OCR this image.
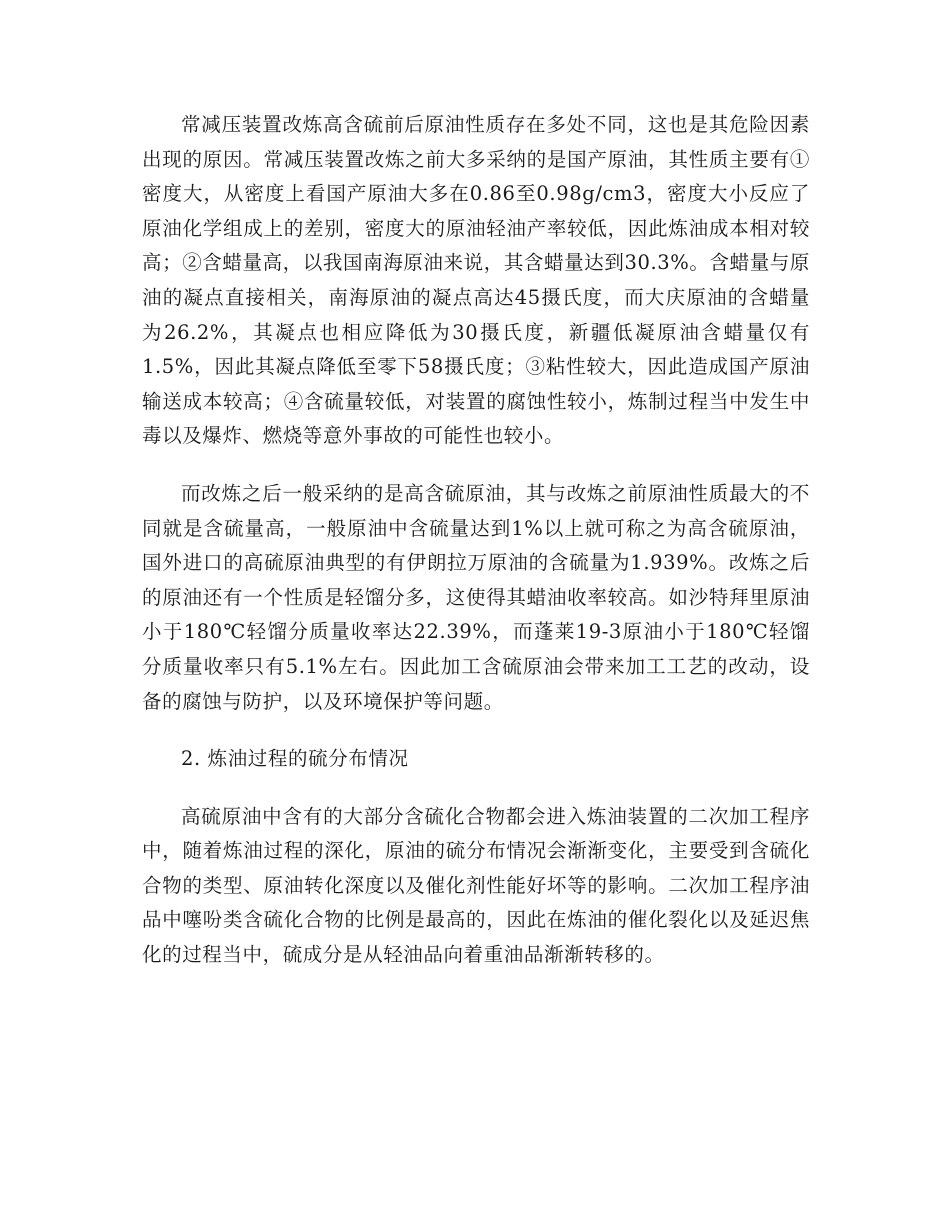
常减压装置改炼高含硫前后原油性质存在多处不同，这也是其危险因素出现的原因。常减压装置改炼之前大多采纳的是国产原油，其性质主要有①密度大，从密度上看国产原油大多在0.86至0.98g/cm3，密度大小反应了原油化学组成上的差别，密度大的原油轻油产率较低，因此炼油成本相对较高；②含蜡量高，以我国南海原油来说，其含蜡量达到30.3%。含蜡量与原油的凝点直接相关，南海原油的凝点高达45摄氏度，而大庆原油的含蜡量为26.2%，其凝点也相应降低为30摄氏度，新疆低凝原油含蜡量仅有1.5%，因此其凝点降低至零下58摄氏度；③粘性较大，因此造成国产原油输送成本较高；④含硫量较低，对装置的腐蚀性较小，炼制过程当中发生中毒以及爆炸、燃烧等意外事故的可能性也较小。

而改炼之后一般采纳的是高含硫原油，其与改炼之前原油性质最大的不同就是含硫量高，一般原油中含硫量达到1%以上就可称之为高含硫原油，国外进口的高硫原油典型的有伊朗拉万原油的含硫量为1.939%。改炼之后的原油还有一个性质是轻馏分多，这使得其蜡油收率较高。如沙特拜里原油小于180℃轻馏分质量收率达22.39%，而蓬莱19-3原油小于180℃轻馏分质量收率只有5.1%左右。因此加工含硫原油会带来加工工艺的改动，设备的腐蚀与防护，以及环境保护等问题。

2. 炼油过程的硫分布情况

高硫原油中含有的大部分含硫化合物都会进入炼油装置的二次加工程序中，随着炼油过程的深化，原油的硫分布情况会渐渐变化，主要受到含硫化合物的类型、原油转化深度以及催化剂性能好坏等的影响。二次加工程序油品中噻吩类含硫化合物的比例是最高的，因此在炼油的催化裂化以及延迟焦化的过程当中，硫成分是从轻油品向着重油品渐渐转移的。
